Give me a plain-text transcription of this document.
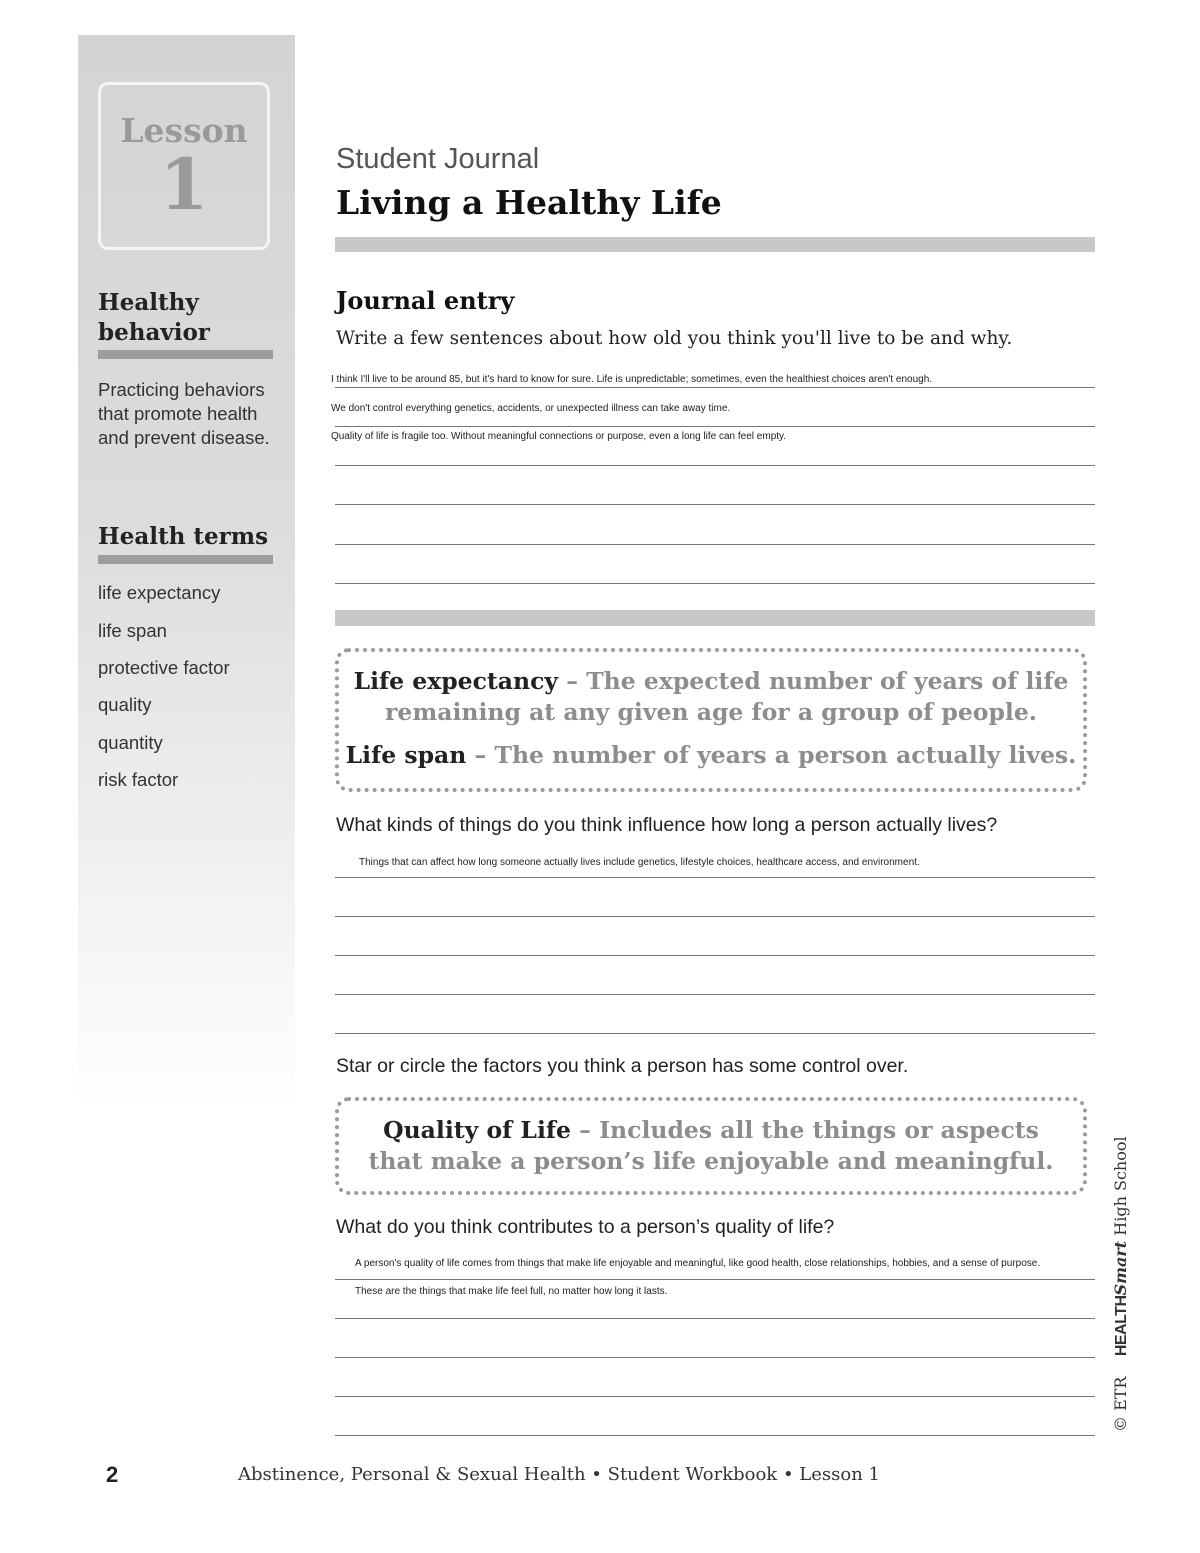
Lesson
1
Healthy
behavior
Practicing behaviors that promote health and prevent disease.
Health terms
life expectancy
life span
protective factor
quality
quantity
risk factor
Student Journal
Living a Healthy Life
Journal entry
Write a few sentences about how old you think you'll live to be and why.
I think I'll live to be around 85, but it's hard to know for sure. Life is unpredictable; sometimes, even the healthiest choices aren't enough.
We don't control everything genetics, accidents, or unexpected illness can take away time.
Quality of life is fragile too. Without meaningful connections or purpose, even a long life can feel empty.
Life expectancy – The expected number of years of life remaining at any given age for a group of people.
Life span – The number of years a person actually lives.
What kinds of things do you think influence how long a person actually lives?
Things that can affect how long someone actually lives include genetics, lifestyle choices, healthcare access, and environment.
Star or circle the factors you think a person has some control over.
Quality of Life – Includes all the things or aspects that make a person’s life enjoyable and meaningful.
What do you think contributes to a person’s quality of life?
A person's quality of life comes from things that make life enjoyable and meaningful, like good health, close relationships, hobbies, and a sense of purpose.
These are the things that make life feel full, no matter how long it lasts.
© ETR    HEALTHSmart High School
2	Abstinence, Personal & Sexual Health • Student Workbook • Lesson 1
